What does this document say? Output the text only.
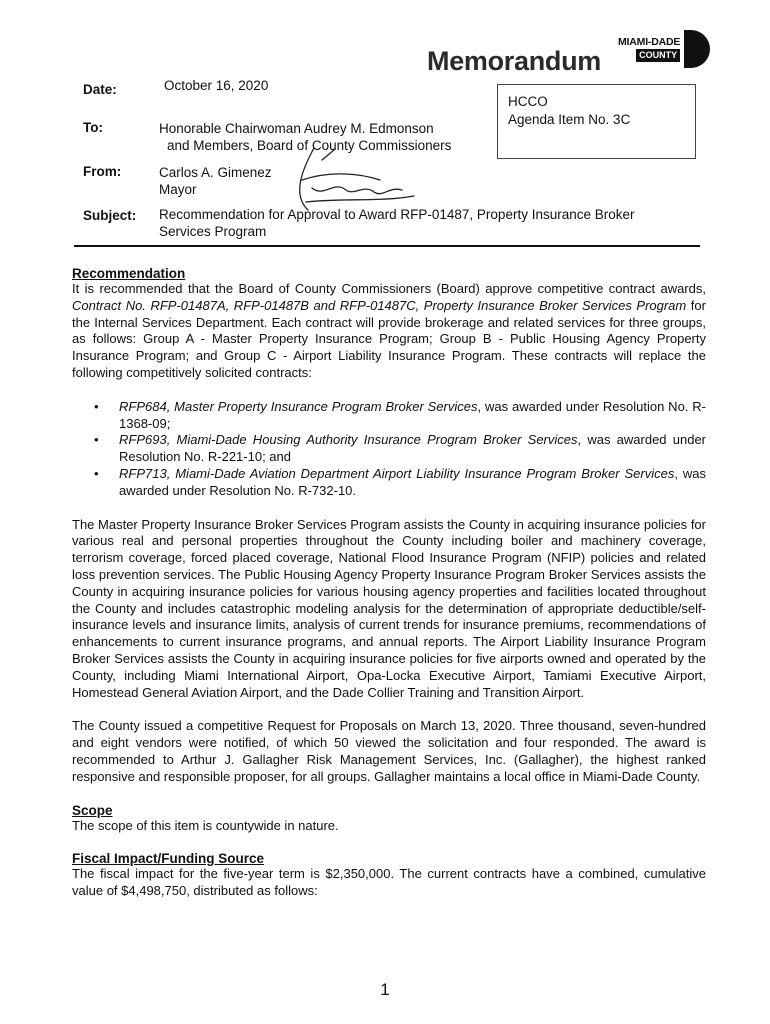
Memorandum
MIAMI-DADE
COUNTY
Date:	October 16, 2020
HCCO
Agenda Item No. 3C
To:	Honorable Chairwoman Audrey M. Edmonson
and Members, Board of County Commissioners
From:	Carlos A. Gimenez
Mayor
Subject: Recommendation for Approval to Award RFP-01487, Property Insurance Broker
Services Program
Recommendation
It is recommended that the Board of County Commissioners (Board) approve competitive contract awards, Contract No. RFP-01487A, RFP-01487B and RFP-01487C, Property Insurance Broker Services Program for the Internal Services Department. Each contract will provide brokerage and related services for three groups, as follows: Group A - Master Property Insurance Program; Group B - Public Housing Agency Property Insurance Program; and Group C - Airport Liability Insurance Program. These contracts will replace the following competitively solicited contracts:
• RFP684, Master Property Insurance Program Broker Services, was awarded under Resolution No. R-1368-09;
• RFP693, Miami-Dade Housing Authority Insurance Program Broker Services, was awarded under Resolution No. R-221-10; and
• RFP713, Miami-Dade Aviation Department Airport Liability Insurance Program Broker Services, was awarded under Resolution No. R-732-10.
The Master Property Insurance Broker Services Program assists the County in acquiring insurance policies for various real and personal properties throughout the County including boiler and machinery coverage, terrorism coverage, forced placed coverage, National Flood Insurance Program (NFIP) policies and related loss prevention services. The Public Housing Agency Property Insurance Program Broker Services assists the County in acquiring insurance policies for various housing agency properties and facilities located throughout the County and includes catastrophic modeling analysis for the determination of appropriate deductible/self-insurance levels and insurance limits, analysis of current trends for insurance premiums, recommendations of enhancements to current insurance programs, and annual reports. The Airport Liability Insurance Program Broker Services assists the County in acquiring insurance policies for five airports owned and operated by the County, including Miami International Airport, Opa-Locka Executive Airport, Tamiami Executive Airport, Homestead General Aviation Airport, and the Dade Collier Training and Transition Airport.
The County issued a competitive Request for Proposals on March 13, 2020. Three thousand, seven-hundred and eight vendors were notified, of which 50 viewed the solicitation and four responded. The award is recommended to Arthur J. Gallagher Risk Management Services, Inc. (Gallagher), the highest ranked responsive and responsible proposer, for all groups. Gallagher maintains a local office in Miami-Dade County.
Scope
The scope of this item is countywide in nature.
Fiscal Impact/Funding Source
The fiscal impact for the five-year term is $2,350,000. The current contracts have a combined, cumulative value of $4,498,750, distributed as follows:
1
